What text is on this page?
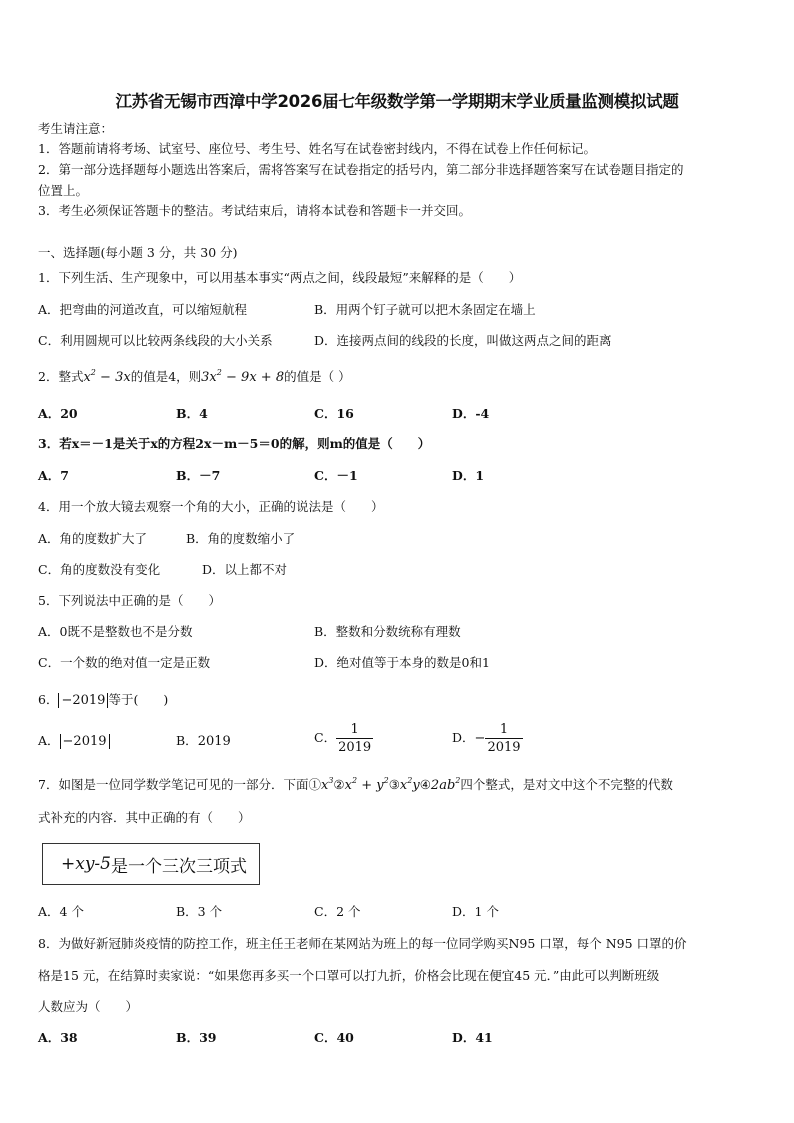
江苏省无锡市西漳中学2026届七年级数学第一学期期末学业质量监测模拟试题
考生请注意：
1．答题前请将考场、试室号、座位号、考生号、姓名写在试卷密封线内，不得在试卷上作任何标记。
2．第一部分选择题每小题选出答案后，需将答案写在试卷指定的括号内，第二部分非选择题答案写在试卷题目指定的
位置上。
3．考生必须保证答题卡的整洁。考试结束后，请将本试卷和答题卡一并交回。
一、选择题(每小题 3 分，共 30 分)
1．下列生活、生产现象中，可以用基本事实“两点之间，线段最短”来解释的是（　　）
A．把弯曲的河道改直，可以缩短航程	B．用两个钉子就可以把木条固定在墙上
C．利用圆规可以比较两条线段的大小关系	D．连接两点间的线段的长度，叫做这两点之间的距离
2．整式$x^2 - 3x$的值是4，则$3x^2 - 9x + 8$的值是（ ）
A．20	B．4	C．16	D．-4
3．若x＝－1是关于x的方程2x－m－5＝0的解，则m的值是（　　）
A．7	B．－7	C．－1	D．1
4．用一个放大镜去观察一个角的大小，正确的说法是（　　）
A．角的度数扩大了	B．角的度数缩小了
C．角的度数没有变化	D．以上都不对
5．下列说法中正确的是（　　）
A．0既不是整数也不是分数	B．整数和分数统称有理数
C．一个数的绝对值一定是正数	D．绝对值等于本身的数是0和1
6． −2019 等于(　　)
A． −2019	B．2019	C． $\frac{1}{2019}$	D．− $\frac{1}{2019}$
7．如图是一位同学数学笔记可见的一部分．下面$①x^3②x^2$ + $y^2③x^2y④2ab^2$四个整式，是对文中这个不完整的代数
式补充的内容．其中正确的有（　　）
+xy-5 是一个三次三项式
A．4 个	B．3 个	C．2 个	D．1 个
8．为做好新冠肺炎疫情的防控工作，班主任王老师在某网站为班上的每一位同学购买N95 口罩，每个 N95 口罩的价
格是15 元，在结算时卖家说：“如果您再多买一个口罩可以打九折，价格会比现在便宜45 元．”由此可以判断班级
人数应为（　　）
A．38	B．39	C．40	D．41
